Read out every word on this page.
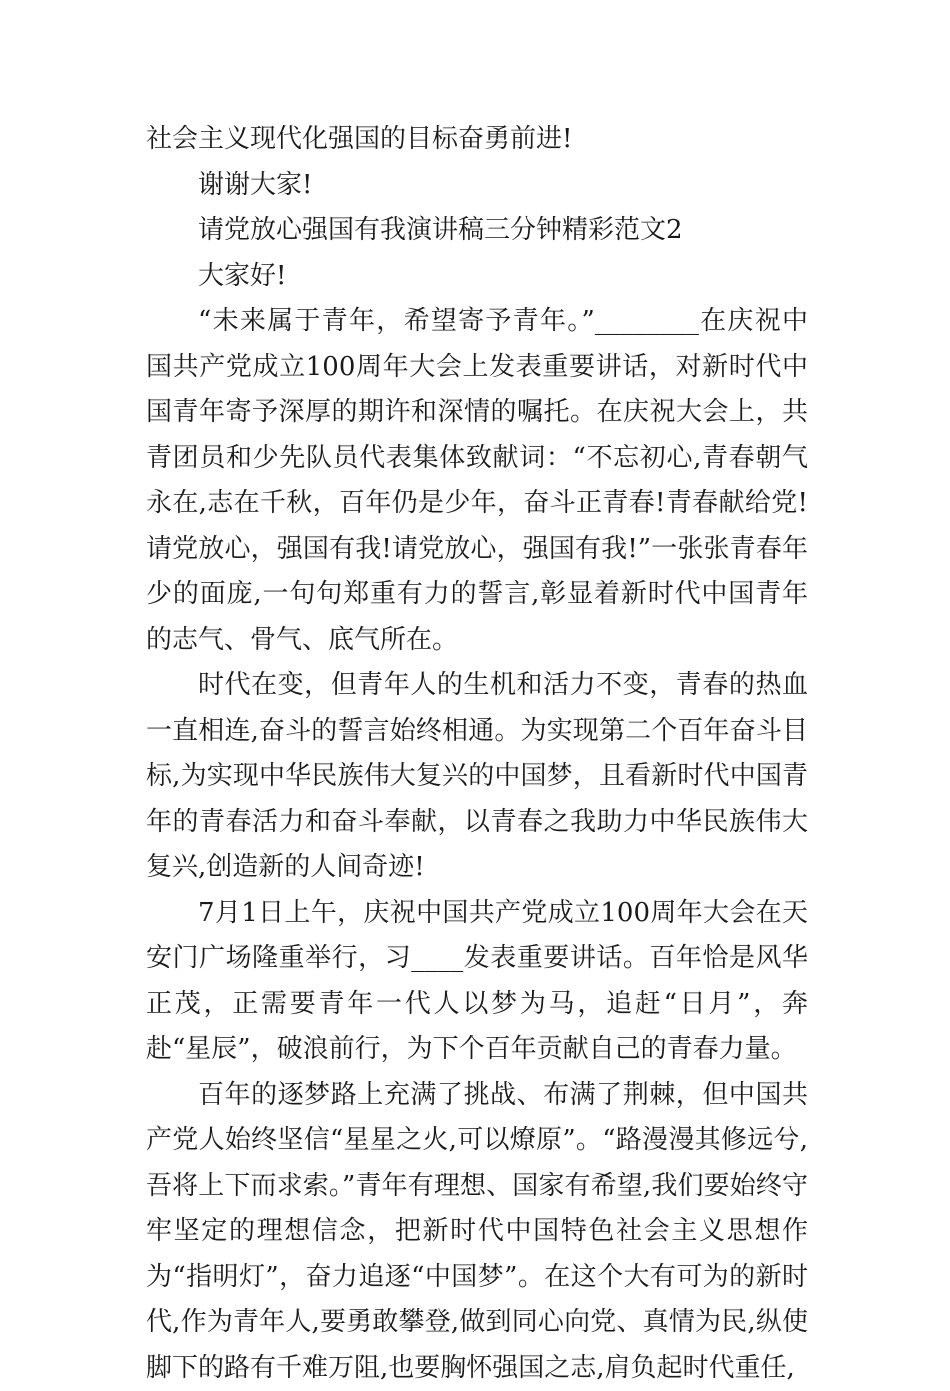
社会主义现代化强国的目标奋勇前进!

谢谢大家!

请党放心强国有我演讲稿三分钟精彩范文2

大家好!

“未来属于青年，希望寄予青年。”________在庆祝中国共产党成立100周年大会上发表重要讲话，对新时代中国青年寄予深厚的期许和深情的嘱托。在庆祝大会上，共青团员和少先队员代表集体致献词：“不忘初心,青春朝气永在,志在千秋，百年仍是少年，奋斗正青春!青春献给党!请党放心，强国有我!请党放心，强国有我!”一张张青春年少的面庞,一句句郑重有力的誓言,彰显着新时代中国青年的志气、骨气、底气所在。

时代在变，但青年人的生机和活力不变，青春的热血一直相连,奋斗的誓言始终相通。为实现第二个百年奋斗目标,为实现中华民族伟大复兴的中国梦，且看新时代中国青年的青春活力和奋斗奉献，以青春之我助力中华民族伟大复兴,创造新的人间奇迹!

7月1日上午，庆祝中国共产党成立100周年大会在天安门广场隆重举行，习____发表重要讲话。百年恰是风华正茂，正需要青年一代人以梦为马，追赶“日月”，奔赴“星辰”，破浪前行，为下个百年贡献自己的青春力量。

百年的逐梦路上充满了挑战、布满了荆棘，但中国共产党人始终坚信“星星之火,可以燎原”。“路漫漫其修远兮,吾将上下而求索。”青年有理想、国家有希望,我们要始终守牢坚定的理想信念，把新时代中国特色社会主义思想作为“指明灯”，奋力追逐“中国梦”。在这个大有可为的新时代,作为青年人,要勇敢攀登,做到同心向党、真情为民,纵使脚下的路有千难万阻,也要胸怀强国之志,肩负起时代重任,
